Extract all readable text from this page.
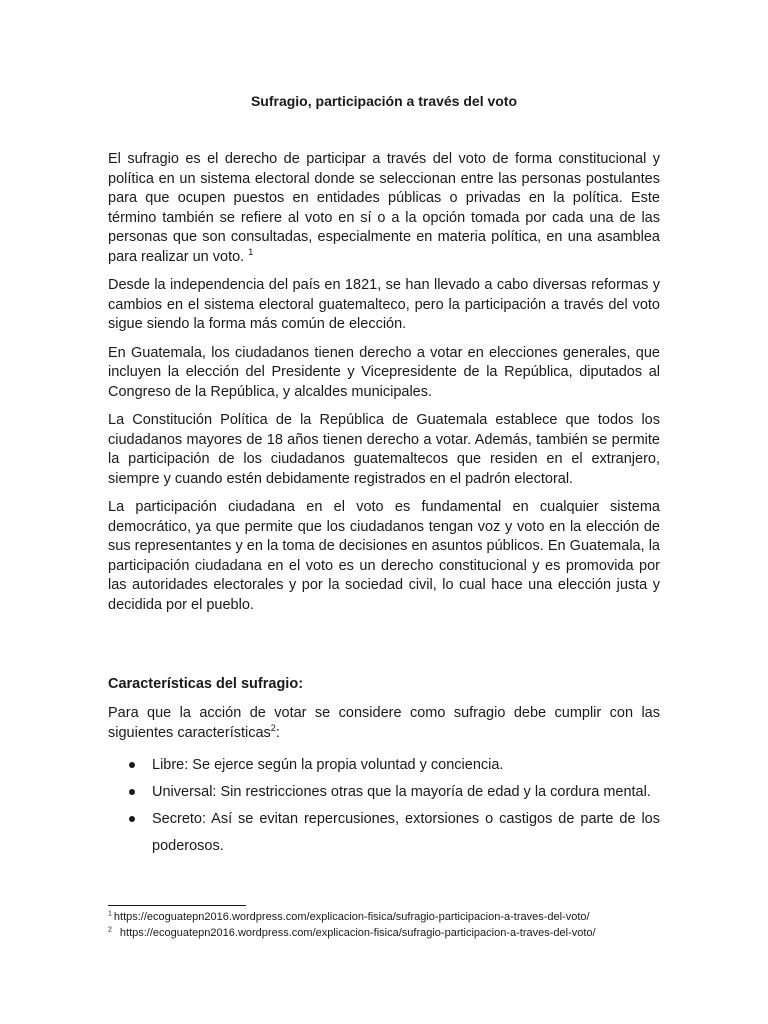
Sufragio, participación a través del voto

El sufragio es el derecho de participar a través del voto de forma constitucional y política en un sistema electoral donde se seleccionan entre las personas postulantes para que ocupen puestos en entidades públicas o privadas en la política. Este término también se refiere al voto en sí o a la opción tomada por cada una de las personas que son consultadas, especialmente en materia política, en una asamblea para realizar un voto. $^1$

Desde la independencia del país en 1821, se han llevado a cabo diversas reformas y cambios en el sistema electoral guatemalteco, pero la participación a través del voto sigue siendo la forma más común de elección.

En Guatemala, los ciudadanos tienen derecho a votar en elecciones generales, que incluyen la elección del Presidente y Vicepresidente de la República, diputados al Congreso de la República, y alcaldes municipales.

La Constitución Política de la República de Guatemala establece que todos los ciudadanos mayores de 18 años tienen derecho a votar. Además, también se permite la participación de los ciudadanos guatemaltecos que residen en el extranjero, siempre y cuando estén debidamente registrados en el padrón electoral.

La participación ciudadana en el voto es fundamental en cualquier sistema democrático, ya que permite que los ciudadanos tengan voz y voto en la elección de sus representantes y en la toma de decisiones en asuntos públicos. En Guatemala, la participación ciudadana en el voto es un derecho constitucional y es promovida por las autoridades electorales y por la sociedad civil, lo cual hace una elección justa y decidida por el pueblo.

Características del sufragio:
Para que la acción de votar se considere como sufragio debe cumplir con las siguientes características$^2$:
Libre: Se ejerce según la propia voluntad y conciencia.
Universal: Sin restricciones otras que la mayoría de edad y la cordura mental.
Secreto: Así se evitan repercusiones, extorsiones o castigos de parte de los poderosos.
$^1$ https://ecoguatepn2016.wordpress.com/explicacion-fisica/sufragio-participacion-a-traves-del-voto/
$^2$ https://ecoguatepn2016.wordpress.com/explicacion-fisica/sufragio-participacion-a-traves-del-voto/
